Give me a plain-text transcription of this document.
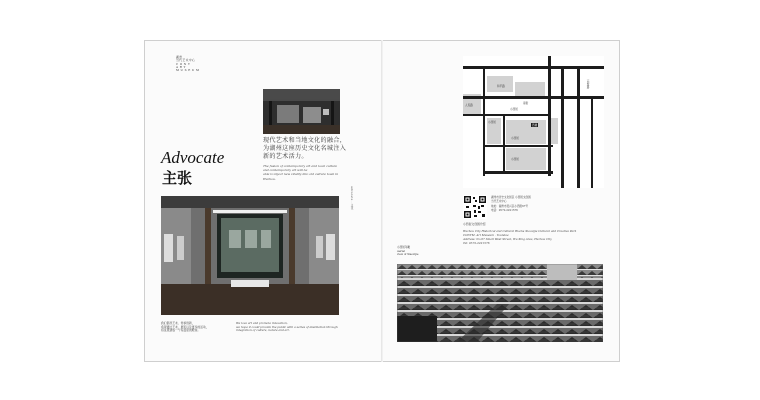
湖州
当代艺术中心
C O N T
A R T
M U S E U M
现代艺术和当地文化的融合，
为湖州这座历史文化名城注入
新的艺术活力。
The fusion of contemporary art and local culture
and contemporary art will be
able to inject new vitality into old culture town in
Huzhou.
Advocate
主张
Advocate · 主张
我们倡导艺术、传承创新，
希望通过艺术、展览以及更多的活动，
将这里建成一个有温度的殿堂。
We love art and promote innovation,
we hope it could provide the public with a series of destination through
integration of culture, nature and art.
和平路
人民路
南街
西塘
小西街
小西街
小西街
小西街
一四东路
湖州市历史文化街区 小西街文创园
当代艺术中心
地址：湖州市吴兴区小西街67号
电话：0572-2221576
小西街文创园介绍
Huzhou City Historical and Cultural Blocks Xiaoxijie Cultural and Creative Park
CONTM. Art Museum · Youndee
Address: No.67 Small West Street, Wu Xing Area, Huzhou City
Tel: 0572-2221576
小西街鸟瞰
Aerial
view of Xiaoxijie
